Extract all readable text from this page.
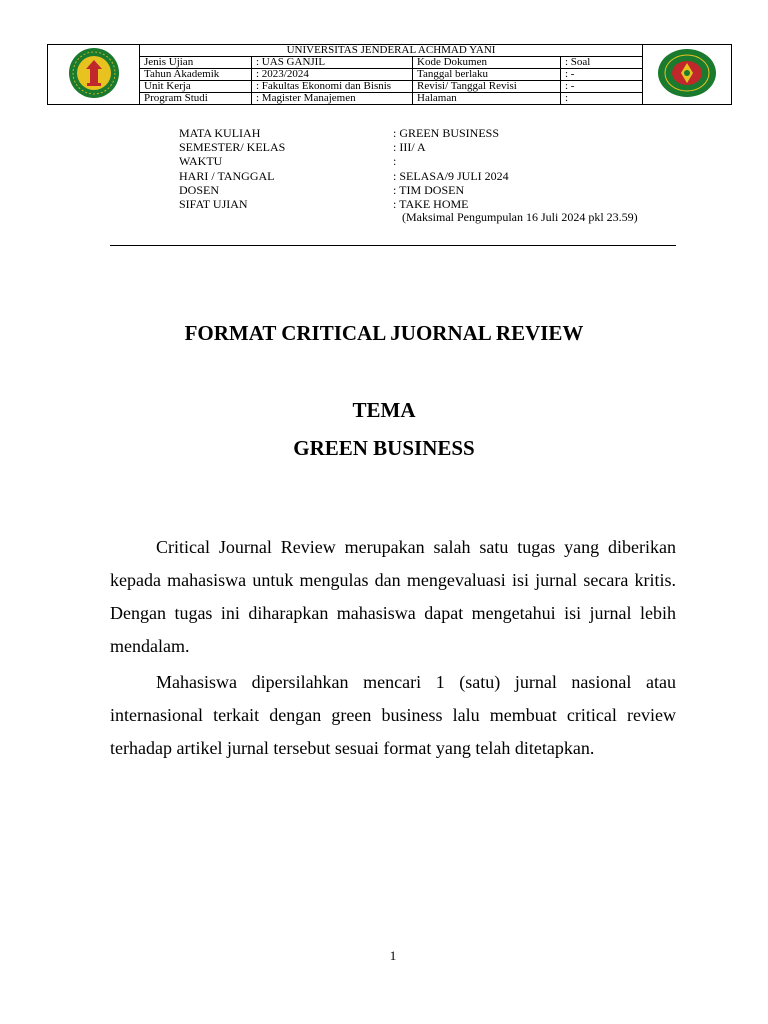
	UNIVERSITAS JENDERAL ACHMAD YANI	
	Jenis Ujian	: UAS GANJIL	Kode Dokumen	: Soal	
	Tahun Akademik	: 2023/2024	Tanggal berlaku	: -	
	Unit Kerja	: Fakultas Ekonomi dan Bisnis	Revisi/ Tanggal Revisi	: -	
	Program Studi	: Magister Manajemen	Halaman	:	
MATA KULIAH	: GREEN BUSINESS
SEMESTER/ KELAS	: III/ A
WAKTU	:
HARI / TANGGAL	: SELASA/9 JULI 2024
DOSEN	: TIM DOSEN
SIFAT UJIAN	: TAKE HOME
(Maksimal Pengumpulan 16 Juli 2024 pkl 23.59)
FORMAT CRITICAL JUORNAL REVIEW
TEMA
GREEN BUSINESS

Critical Journal Review merupakan salah satu tugas yang diberikan kepada mahasiswa untuk mengulas dan mengevaluasi isi jurnal secara kritis. Dengan tugas ini diharapkan mahasiswa dapat mengetahui isi jurnal lebih mendalam.

Mahasiswa dipersilahkan mencari 1 (satu) jurnal nasional atau internasional terkait dengan green business lalu membuat critical review terhadap artikel jurnal tersebut sesuai format yang telah ditetapkan.

1
